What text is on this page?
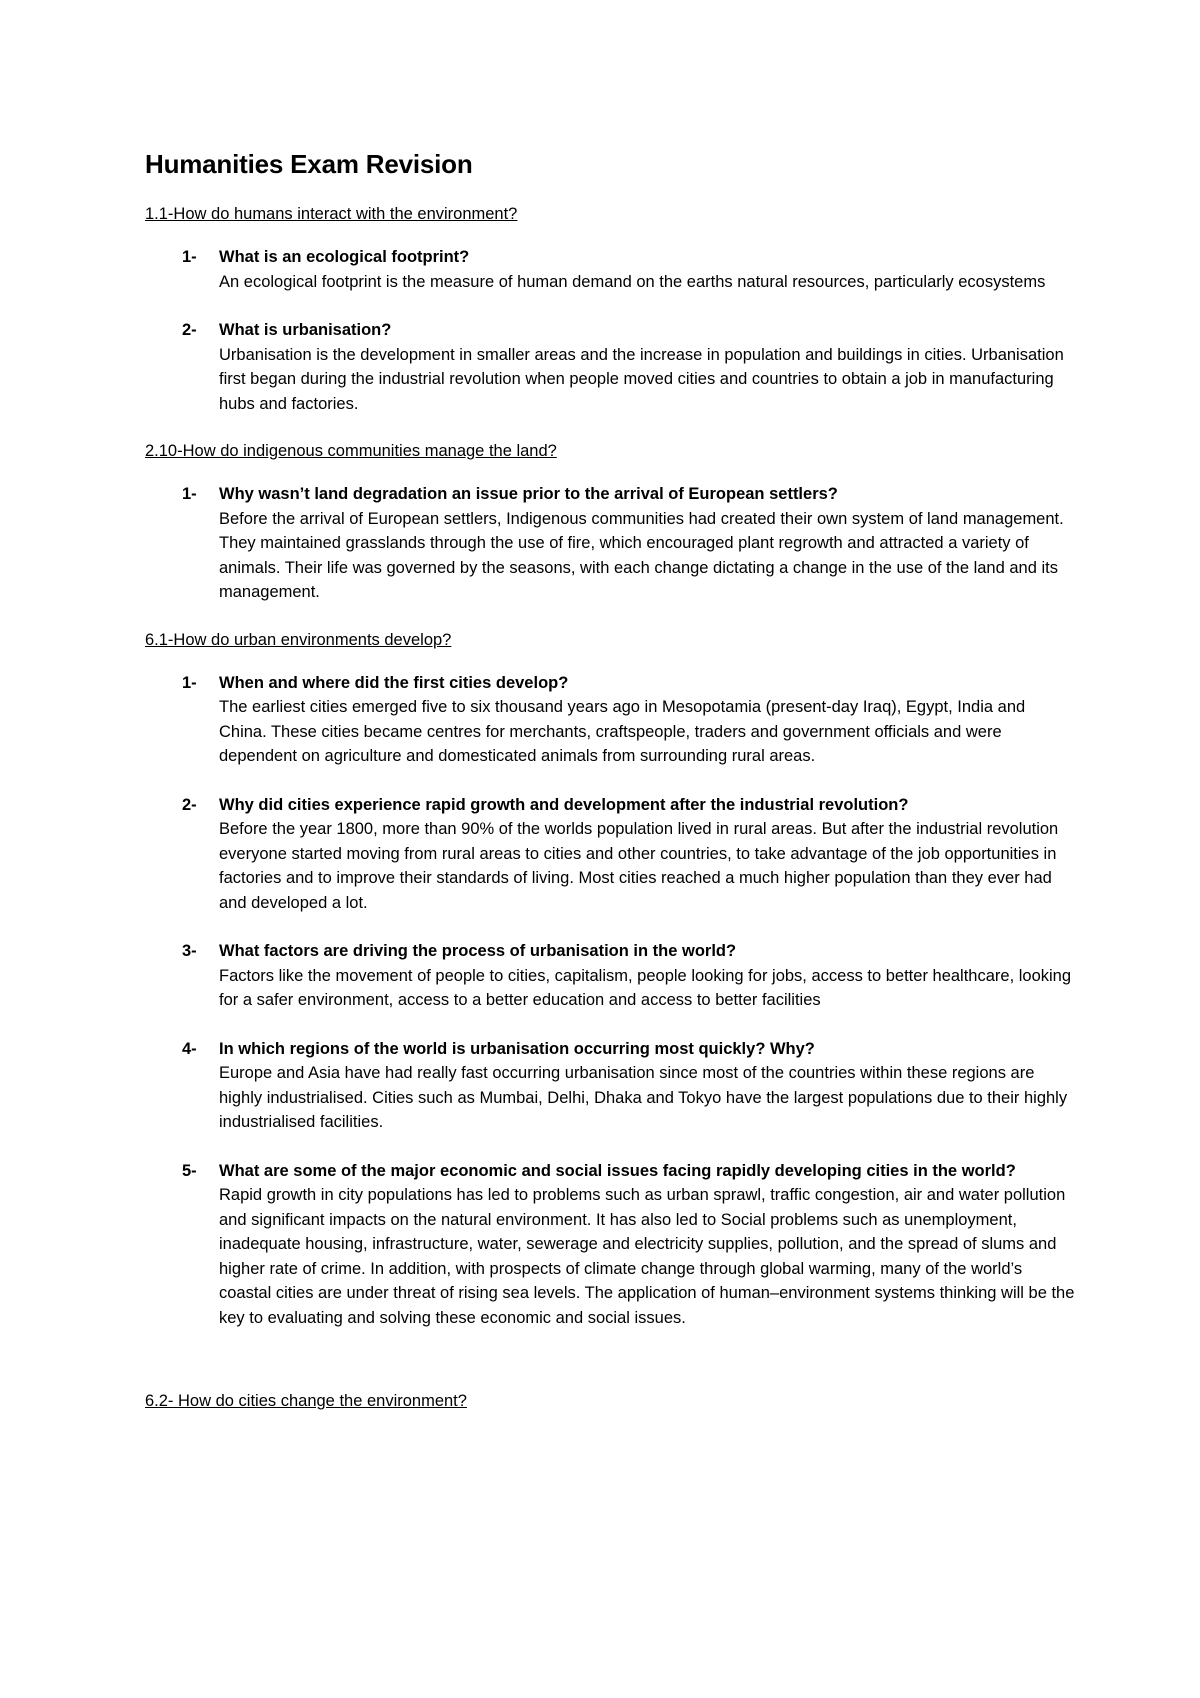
Humanities Exam Revision
1.1-How do humans interact with the environment?
1-	What is an ecological footprint?
An ecological footprint is the measure of human demand on the earths natural resources, particularly ecosystems
2-	What is urbanisation?
Urbanisation is the development in smaller areas and the increase in population and buildings in cities. Urbanisation first began during the industrial revolution when people moved cities and countries to obtain a job in manufacturing hubs and factories.
2.10-How do indigenous communities manage the land?
1-	Why wasn’t land degradation an issue prior to the arrival of European settlers?
Before the arrival of European settlers, Indigenous communities had created their own system of land management. They maintained grasslands through the use of fire, which encouraged plant regrowth and attracted a variety of animals. Their life was governed by the seasons, with each change dictating a change in the use of the land and its management.
6.1-How do urban environments develop?
1-	When and where did the first cities develop?
The earliest cities emerged five to six thousand years ago in Mesopotamia (present-day Iraq), Egypt, India and China. These cities became centres for merchants, craftspeople, traders and government officials and were dependent on agriculture and domesticated animals from surrounding rural areas.
2-	Why did cities experience rapid growth and development after the industrial revolution?
Before the year 1800, more than 90% of the worlds population lived in rural areas. But after the industrial revolution everyone started moving from rural areas to cities and other countries, to take advantage of the job opportunities in factories and to improve their standards of living. Most cities reached a much higher population than they ever had and developed a lot.
3-	What factors are driving the process of urbanisation in the world?
Factors like the movement of people to cities, capitalism, people looking for jobs, access to better healthcare, looking for a safer environment, access to a better education and access to better facilities
4-	In which regions of the world is urbanisation occurring most quickly? Why?
Europe and Asia have had really fast occurring urbanisation since most of the countries within these regions are highly industrialised. Cities such as Mumbai, Delhi, Dhaka and Tokyo have the largest populations due to their highly industrialised facilities.
5-	What are some of the major economic and social issues facing rapidly developing cities in the world?
Rapid growth in city populations has led to problems such as urban sprawl, traffic congestion, air and water pollution and significant impacts on the natural environment. It has also led to Social problems such as unemployment, inadequate housing, infrastructure, water, sewerage and electricity supplies, pollution, and the spread of slums and higher rate of crime. In addition, with prospects of climate change through global warming, many of the world’s coastal cities are under threat of rising sea levels. The application of human–environment systems thinking will be the key to evaluating and solving these economic and social issues.
6.2- How do cities change the environment?
